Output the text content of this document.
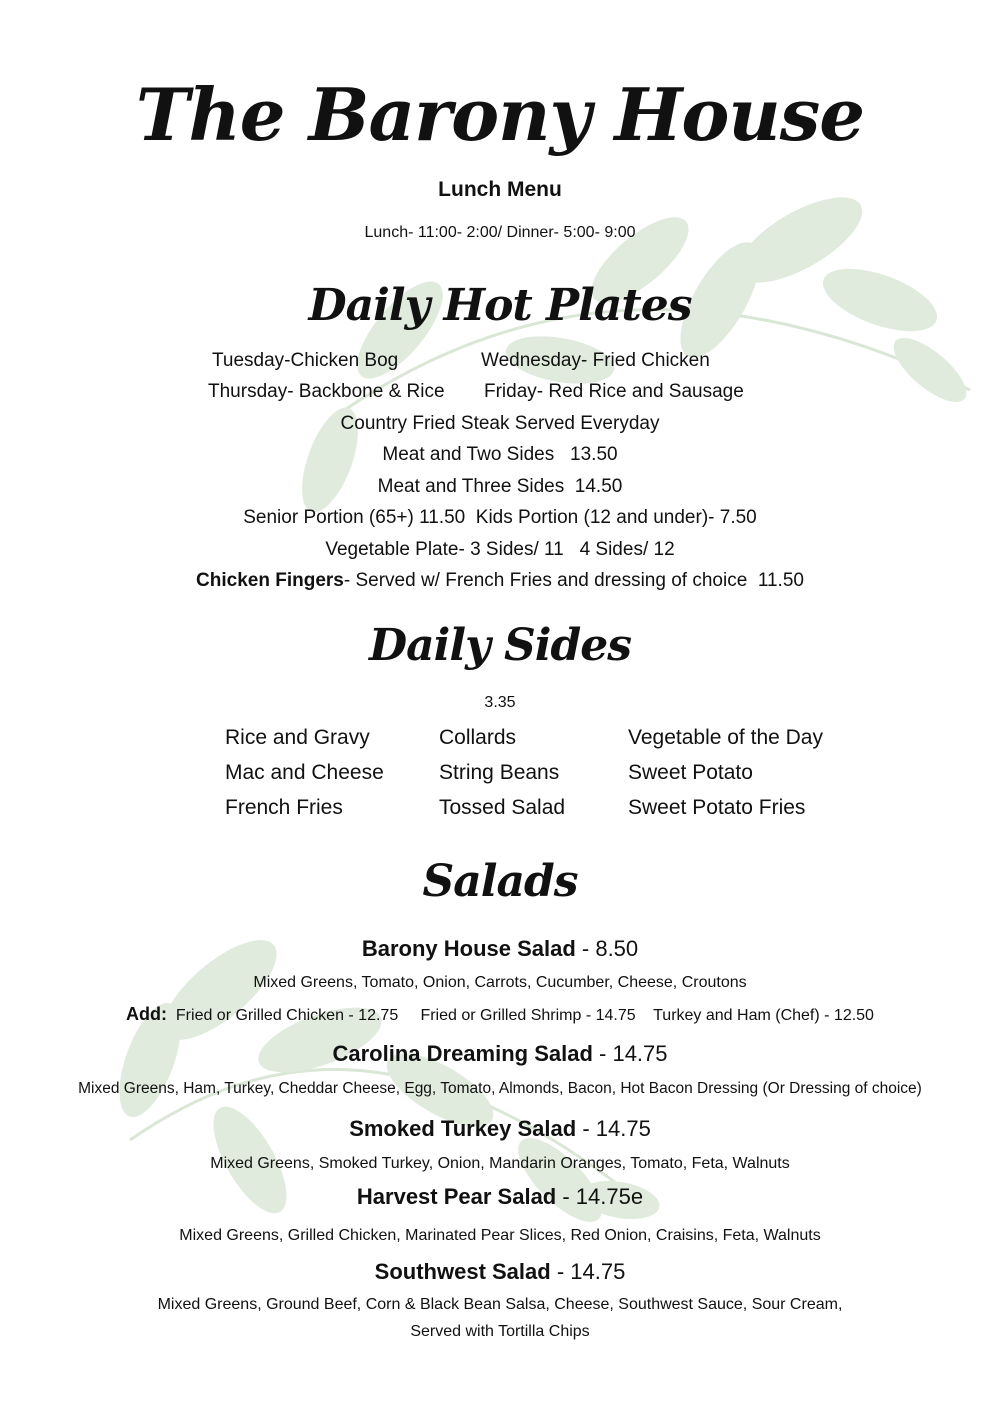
The Barony House
Lunch Menu
Lunch- 11:00- 2:00/ Dinner- 5:00- 9:00
Daily Hot Plates
Tuesday-Chicken Bog	Wednesday- Fried Chicken
Thursday- Backbone & Rice Friday- Red Rice and Sausage
Country Fried Steak Served Everyday
Meat and Two Sides   13.50
Meat and Three Sides  14.50
Senior Portion (65+) 11.50  Kids Portion (12 and under)- 7.50
Vegetable Plate- 3 Sides/ 11   4 Sides/ 12
Chicken Fingers- Served w/ French Fries and dressing of choice  11.50
Daily Sides
3.35
Rice and Gravy
Mac and Cheese
French Fries
Collards
String Beans
Tossed Salad
Vegetable of the Day
Sweet Potato
Sweet Potato Fries
Salads
Barony House Salad - 8.50
Mixed Greens, Tomato, Onion, Carrots, Cucumber, Cheese, Croutons
Add:  Fried or Grilled Chicken - 12.75     Fried or Grilled Shrimp - 14.75    Turkey and Ham (Chef) - 12.50
Carolina Dreaming Salad - 14.75
Mixed Greens, Ham, Turkey, Cheddar Cheese, Egg, Tomato, Almonds, Bacon, Hot Bacon Dressing (Or Dressing of choice)
Smoked Turkey Salad - 14.75
Mixed Greens, Smoked Turkey, Onion, Mandarin Oranges, Tomato, Feta, Walnuts
Harvest Pear Salad - 14.75e
Mixed Greens, Grilled Chicken, Marinated Pear Slices, Red Onion, Craisins, Feta, Walnuts
Southwest Salad - 14.75
Mixed Greens, Ground Beef, Corn & Black Bean Salsa, Cheese, Southwest Sauce, Sour Cream,
Served with Tortilla Chips
